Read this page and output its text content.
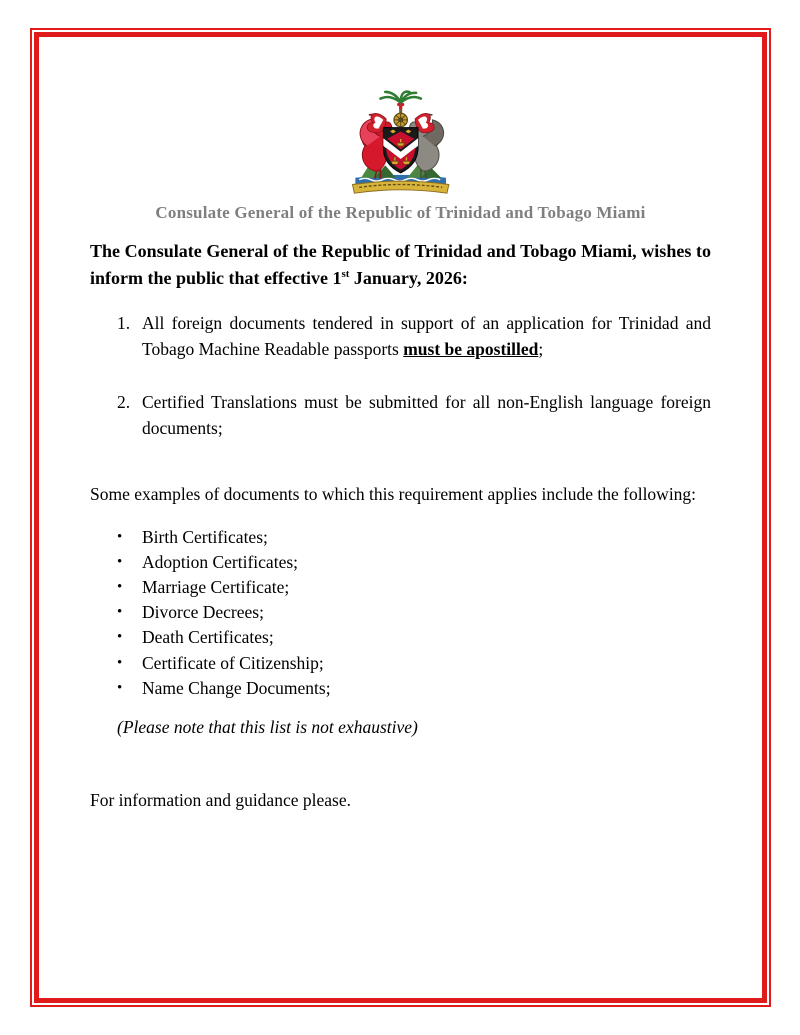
Consulate General of the Republic of Trinidad and Tobago Miami

The Consulate General of the Republic of Trinidad and Tobago Miami, wishes to inform the public that effective 1st January, 2026:

1. All foreign documents tendered in support of an application for Trinidad and Tobago Machine Readable passports must be apostilled;
2. Certified Translations must be submitted for all non-English language foreign documents;

Some examples of documents to which this requirement applies include the following:

•	Birth Certificates;
•	Adoption Certificates;
•	Marriage Certificate;
•	Divorce Decrees;
•	Death Certificates;
•	Certificate of Citizenship;
•	Name Change Documents;

(Please note that this list is not exhaustive)

For information and guidance please.
